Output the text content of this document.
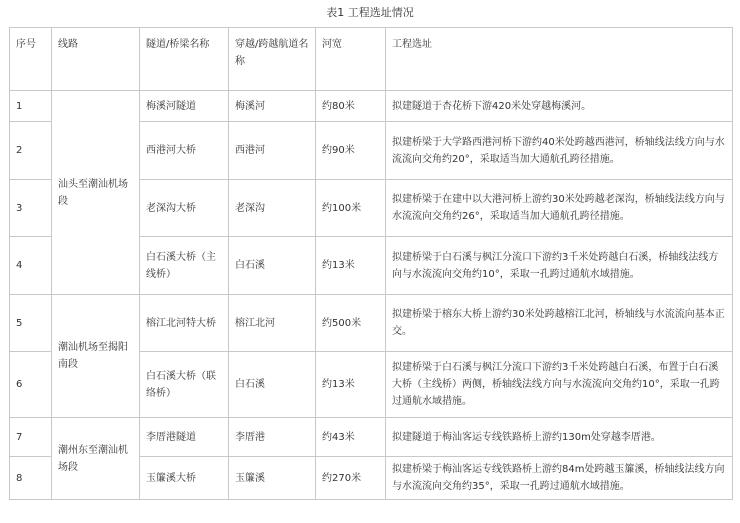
表1 工程选址情况
序号	线路	隧道/桥梁名称	穿越/跨越航道名称	河宽	工程选址
1	汕头至潮汕机场段	梅溪河隧道	梅溪河	约80米	拟建隧道于杏花桥下游420米处穿越梅溪河。
2		西港河大桥	西港河	约90米	拟建桥梁于大学路西港河桥下游约40米处跨越西港河，桥轴线法线方向与水流流向交角约20°，采取适当加大通航孔跨径措施。
3		老深沟大桥	老深沟	约100米	拟建桥梁于在建中以大港河桥上游约30米处跨越老深沟，桥轴线法线方向与水流流向交角约26°，采取适当加大通航孔跨径措施。
4		白石溪大桥（主线桥）	白石溪	约13米	拟建桥梁于白石溪与枫江分流口下游约3千米处跨越白石溪，桥轴线法线方向与水流流向交角约10°，采取一孔跨过通航水域措施。
5	潮汕机场至揭阳南段	榕江北河特大桥	榕江北河	约500米	拟建桥梁于榕东大桥上游约30米处跨越榕江北河，桥轴线与水流流向基本正交。
6		白石溪大桥（联络桥）	白石溪	约13米	拟建桥梁于白石溪与枫江分流口下游约3千米处跨越白石溪，布置于白石溪大桥（主线桥）两侧，桥轴线法线方向与水流流向交角约10°，采取一孔跨过通航水域措施。
7	潮州东至潮汕机场段	李厝港隧道	李厝港	约43米	拟建隧道于梅汕客运专线铁路桥上游约130m处穿越李厝港。
8		玉簾溪大桥	玉簾溪	约270米	拟建桥梁于梅汕客运专线铁路桥上游约84m处跨越玉簾溪，桥轴线法线方向与水流流向交角约35°，采取一孔跨过通航水域措施。
